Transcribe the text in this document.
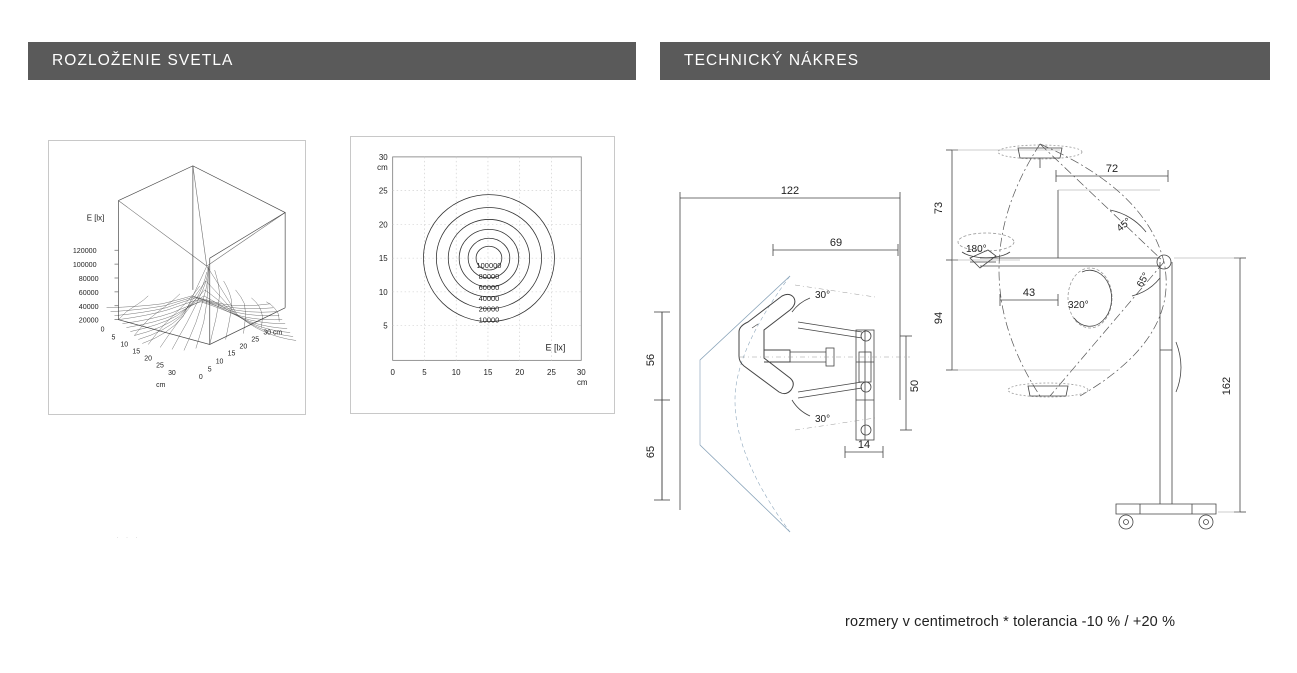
ROZLOŽENIE SVETLA	TECHNICKÝ NÁKRES
120000
100000
80000
60000
40000
20000
E [lx]
0
5
10
15
20
25
30
cm
0
5
10
15
20
25
30 cm
100000
80000
60000
40000
20000
10000
30
25
20
15
10
5
cm
0	5	10	15	20	25	30
cm
E [lx]
· · ·
122
69
56
65
50
14
30°
30°
73
94
72
43
162
180°
45°
65°
320°
rozmery v centimetroch * tolerancia -10 % / +20 %
